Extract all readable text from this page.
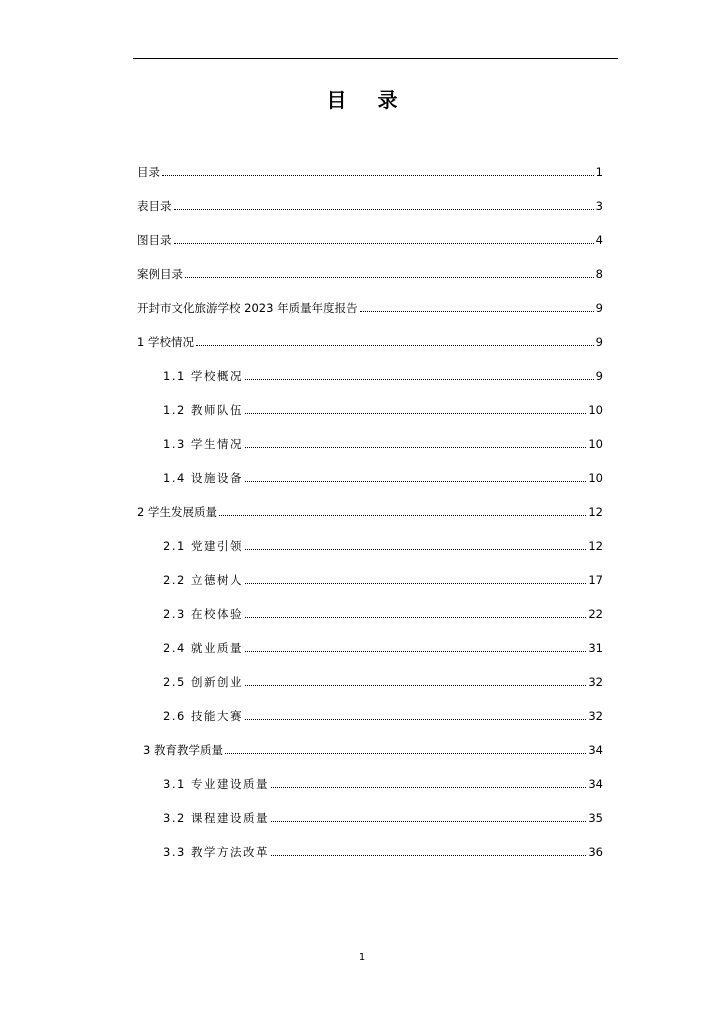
目 录
目录	1
表目录	3
图目录	4
案例目录	8
开封市文化旅游学校 2023 年质量年度报告	9
1 学校情况	9
1.1 学校概况	9
1.2 教师队伍	10
1.3 学生情况	10
1.4 设施设备	10
2 学生发展质量	12
2.1 党建引领	12
2.2 立德树人	17
2.3 在校体验	22
2.4 就业质量	31
2.5 创新创业	32
2.6 技能大赛	32
3 教育教学质量	34
3.1 专业建设质量	34
3.2 课程建设质量	35
3.3 教学方法改革	36
1
